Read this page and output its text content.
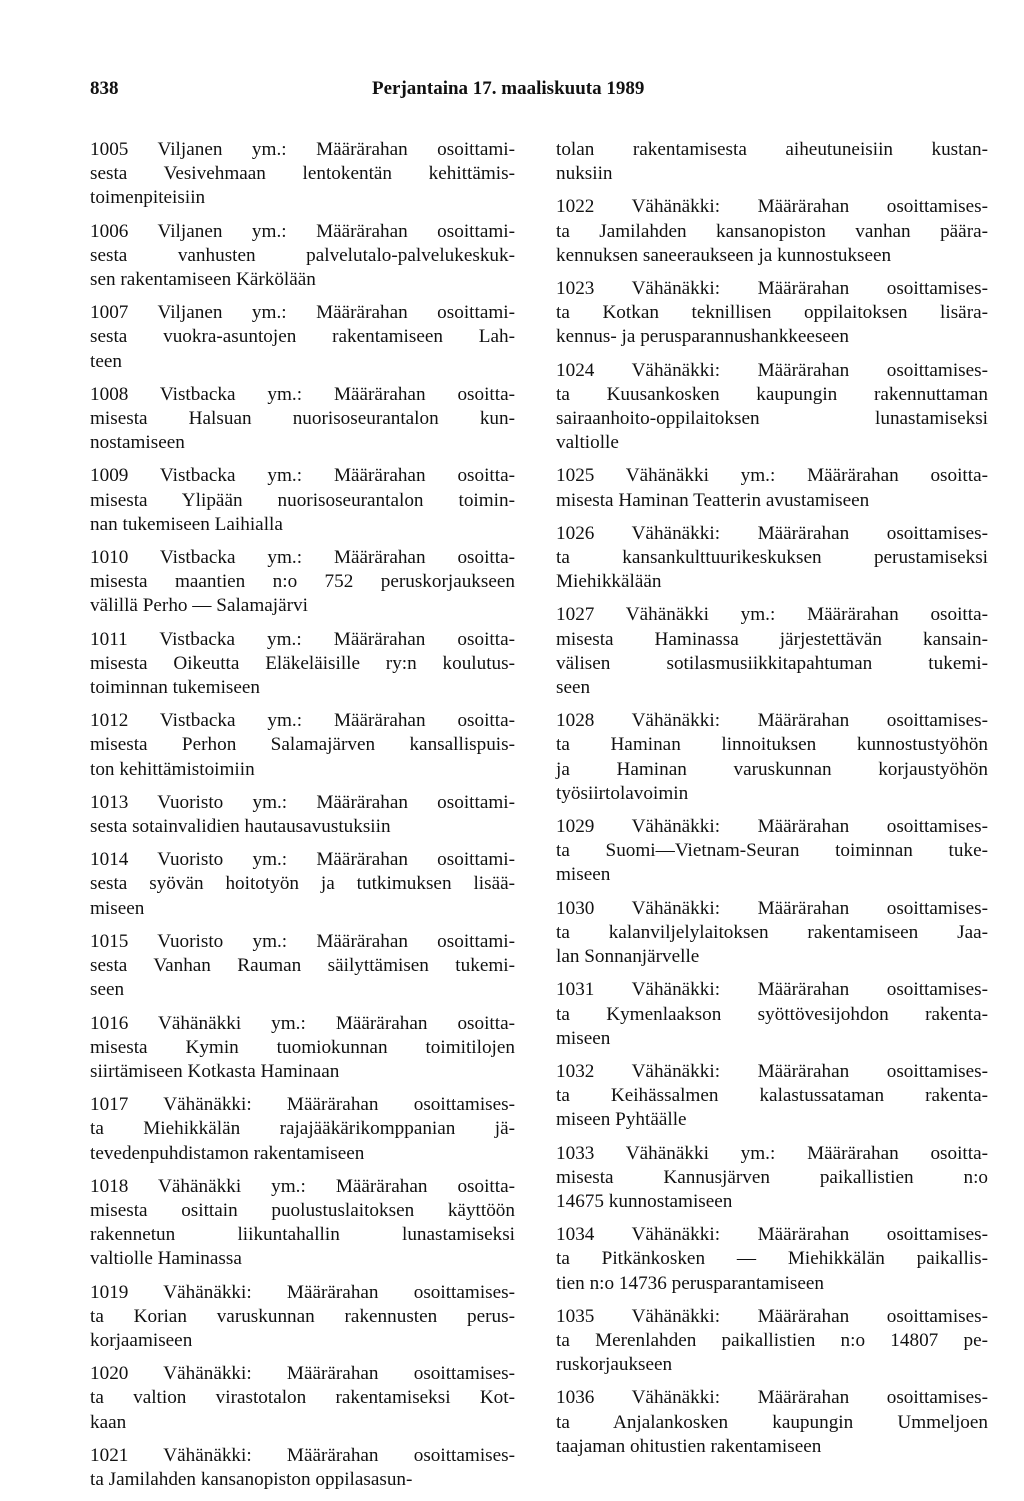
838	Perjantaina 17. maaliskuuta 1989
1005 Viljanen ym.: Määrärahan osoittami-
sesta Vesivehmaan lentokentän kehittämis-
toimenpiteisiin
1006 Viljanen ym.: Määrärahan osoittami-
sesta vanhusten palvelutalo-palvelukeskuk-
sen rakentamiseen Kärkölään
1007 Viljanen ym.: Määrärahan osoittami-
sesta vuokra-asuntojen rakentamiseen Lah-
teen
1008 Vistbacka ym.: Määrärahan osoitta-
misesta Halsuan nuorisoseurantalon kun-
nostamiseen
1009 Vistbacka ym.: Määrärahan osoitta-
misesta Ylipään nuorisoseurantalon toimin-
nan tukemiseen Laihialla
1010 Vistbacka ym.: Määrärahan osoitta-
misesta maantien n:o 752 peruskorjaukseen
välillä Perho — Salamajärvi
1011 Vistbacka ym.: Määrärahan osoitta-
misesta Oikeutta Eläkeläisille ry:n koulutus-
toiminnan tukemiseen
1012 Vistbacka ym.: Määrärahan osoitta-
misesta Perhon Salamajärven kansallispuis-
ton kehittämistoimiin
1013 Vuoristo ym.: Määrärahan osoittami-
sesta sotainvalidien hautausavustuksiin
1014 Vuoristo ym.: Määrärahan osoittami-
sesta syövän hoitotyön ja tutkimuksen lisää-
miseen
1015 Vuoristo ym.: Määrärahan osoittami-
sesta Vanhan Rauman säilyttämisen tukemi-
seen
1016 Vähänäkki ym.: Määrärahan osoitta-
misesta Kymin tuomiokunnan toimitilojen
siirtämiseen Kotkasta Haminaan
1017 Vähänäkki: Määrärahan osoittamises-
ta Miehikkälän rajajääkärikomppanian jä-
tevedenpuhdistamon rakentamiseen
1018 Vähänäkki ym.: Määrärahan osoitta-
misesta osittain puolustuslaitoksen käyttöön
rakennetun liikuntahallin lunastamiseksi
valtiolle Haminassa
1019 Vähänäkki: Määrärahan osoittamises-
ta Korian varuskunnan rakennusten perus-
korjaamiseen
1020 Vähänäkki: Määrärahan osoittamises-
ta valtion virastotalon rakentamiseksi Kot-
kaan
1021 Vähänäkki: Määrärahan osoittamises-
ta Jamilahden kansanopiston oppilasasun-
tolan rakentamisesta aiheutuneisiin kustan-
nuksiin
1022 Vähänäkki: Määrärahan osoittamises-
ta Jamilahden kansanopiston vanhan päära-
kennuksen saneeraukseen ja kunnostukseen
1023 Vähänäkki: Määrärahan osoittamises-
ta Kotkan teknillisen oppilaitoksen lisära-
kennus- ja perusparannushankkeeseen
1024 Vähänäkki: Määrärahan osoittamises-
ta Kuusankosken kaupungin rakennuttaman
sairaanhoito-oppilaitoksen lunastamiseksi
valtiolle
1025 Vähänäkki ym.: Määrärahan osoitta-
misesta Haminan Teatterin avustamiseen
1026 Vähänäkki: Määrärahan osoittamises-
ta kansankulttuurikeskuksen perustamiseksi
Miehikkälään
1027 Vähänäkki ym.: Määrärahan osoitta-
misesta Haminassa järjestettävän kansain-
välisen sotilasmusiikkitapahtuman tukemi-
seen
1028 Vähänäkki: Määrärahan osoittamises-
ta Haminan linnoituksen kunnostustyöhön
ja Haminan varuskunnan korjaustyöhön
työsiirtolavoimin
1029 Vähänäkki: Määrärahan osoittamises-
ta Suomi—Vietnam-Seuran toiminnan tuke-
miseen
1030 Vähänäkki: Määrärahan osoittamises-
ta kalanviljelylaitoksen rakentamiseen Jaa-
lan Sonnanjärvelle
1031 Vähänäkki: Määrärahan osoittamises-
ta Kymenlaakson syöttövesijohdon rakenta-
miseen
1032 Vähänäkki: Määrärahan osoittamises-
ta Keihässalmen kalastussataman rakenta-
miseen Pyhtäälle
1033 Vähänäkki ym.: Määrärahan osoitta-
misesta Kannusjärven paikallistien n:o
14675 kunnostamiseen
1034 Vähänäkki: Määrärahan osoittamises-
ta Pitkänkosken — Miehikkälän paikallis-
tien n:o 14736 perusparantamiseen
1035 Vähänäkki: Määrärahan osoittamises-
ta Merenlahden paikallistien n:o 14807 pe-
ruskorjaukseen
1036 Vähänäkki: Määrärahan osoittamises-
ta Anjalankosken kaupungin Ummeljoen
taajaman ohitustien rakentamiseen
